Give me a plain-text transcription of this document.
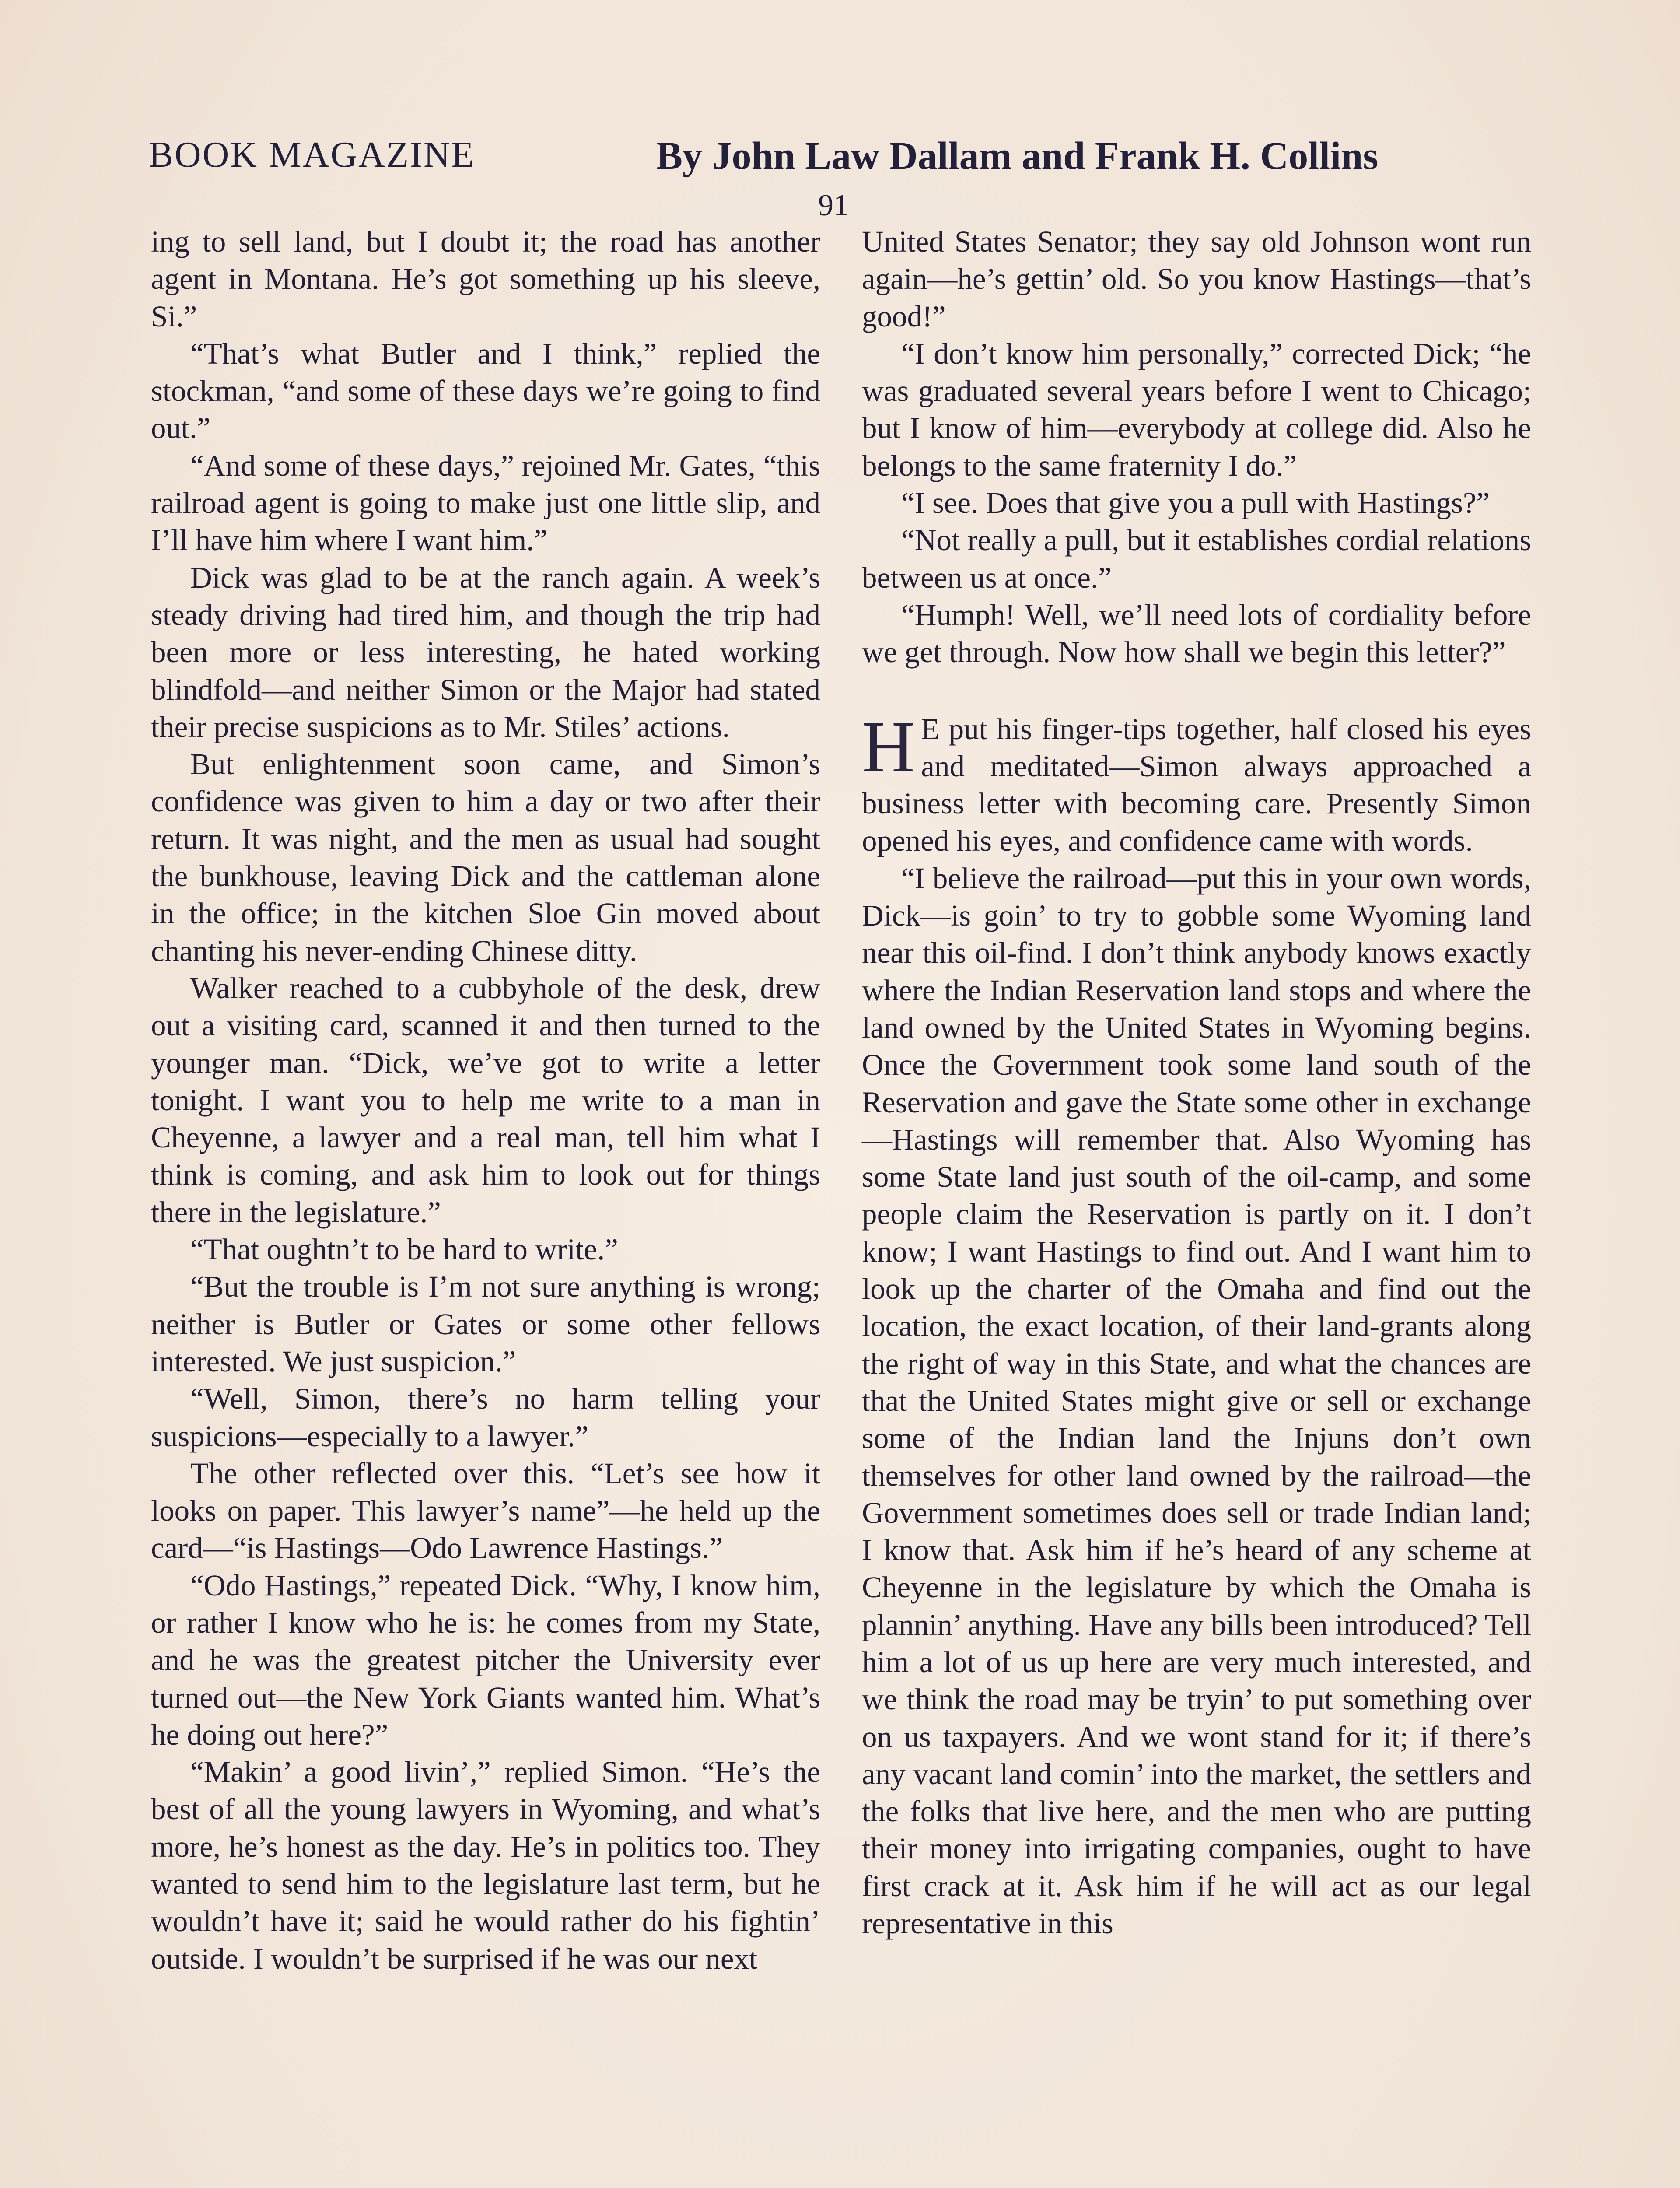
BOOK MAGAZINE	By John Law Dallam and Frank H. Collins
91

ing to sell land, but I doubt it; the road has another agent in Montana. He’s got something up his sleeve, Si.”

“That’s what Butler and I think,” replied the stockman, “and some of these days we’re going to find out.”

“And some of these days,” rejoined Mr. Gates, “this railroad agent is going to make just one little slip, and I’ll have him where I want him.”

Dick was glad to be at the ranch again. A week’s steady driving had tired him, and though the trip had been more or less interesting, he hated working blindfold—and neither Simon or the Major had stated their precise suspicions as to Mr. Stiles’ actions.

But enlightenment soon came, and Simon’s confidence was given to him a day or two after their return. It was night, and the men as usual had sought the bunkhouse, leaving Dick and the cattleman alone in the office; in the kitchen Sloe Gin moved about chanting his never-ending Chinese ditty.

Walker reached to a cubbyhole of the desk, drew out a visiting card, scanned it and then turned to the younger man. “Dick, we’ve got to write a letter tonight. I want you to help me write to a man in Cheyenne, a lawyer and a real man, tell him what I think is coming, and ask him to look out for things there in the legislature.”

“That oughtn’t to be hard to write.”

“But the trouble is I’m not sure anything is wrong; neither is Butler or Gates or some other fellows interested. We just suspicion.”

“Well, Simon, there’s no harm telling your suspicions—especially to a lawyer.”

The other reflected over this. “Let’s see how it looks on paper. This lawyer’s name”—he held up the card—“is Hastings—Odo Lawrence Hastings.”

“Odo Hastings,” repeated Dick. “Why, I know him, or rather I know who he is: he comes from my State, and he was the greatest pitcher the University ever turned out—the New York Giants wanted him. What’s he doing out here?”

“Makin’ a good livin’,” replied Simon. “He’s the best of all the young lawyers in Wyoming, and what’s more, he’s honest as the day. He’s in politics too. They wanted to send him to the legislature last term, but he wouldn’t have it; said he would rather do his fightin’ outside. I wouldn’t be surprised if he was our next

United States Senator; they say old Johnson wont run again—he’s gettin’ old. So you know Hastings—that’s good!”

“I don’t know him personally,” corrected Dick; “he was graduated several years before I went to Chicago; but I know of him—everybody at college did. Also he belongs to the same fraternity I do.”

“I see. Does that give you a pull with Hastings?”

“Not really a pull, but it establishes cordial relations between us at once.”

“Humph! Well, we’ll need lots of cordiality before we get through. Now how shall we begin this letter?”

H E put his finger-tips together, half closed his eyes and meditated—Simon always approached a business letter with becoming care. Presently Simon opened his eyes, and confidence came with words.

“I believe the railroad—put this in your own words, Dick—is goin’ to try to gobble some Wyoming land near this oil-find. I don’t think anybody knows exactly where the Indian Reservation land stops and where the land owned by the United States in Wyoming begins. Once the Government took some land south of the Reservation and gave the State some other in exchange—Hastings will remember that. Also Wyoming has some State land just south of the oil-camp, and some people claim the Reservation is partly on it. I don’t know; I want Hastings to find out. And I want him to look up the charter of the Omaha and find out the location, the exact location, of their land-grants along the right of way in this State, and what the chances are that the United States might give or sell or exchange some of the Indian land the Injuns don’t own themselves for other land owned by the railroad—the Government sometimes does sell or trade Indian land; I know that. Ask him if he’s heard of any scheme at Cheyenne in the legislature by which the Omaha is plannin’ anything. Have any bills been introduced? Tell him a lot of us up here are very much interested, and we think the road may be tryin’ to put something over on us taxpayers. And we wont stand for it; if there’s any vacant land comin’ into the market, the settlers and the folks that live here, and the men who are putting their money into irrigating companies, ought to have first crack at it. Ask him if he will act as our legal representative in this
